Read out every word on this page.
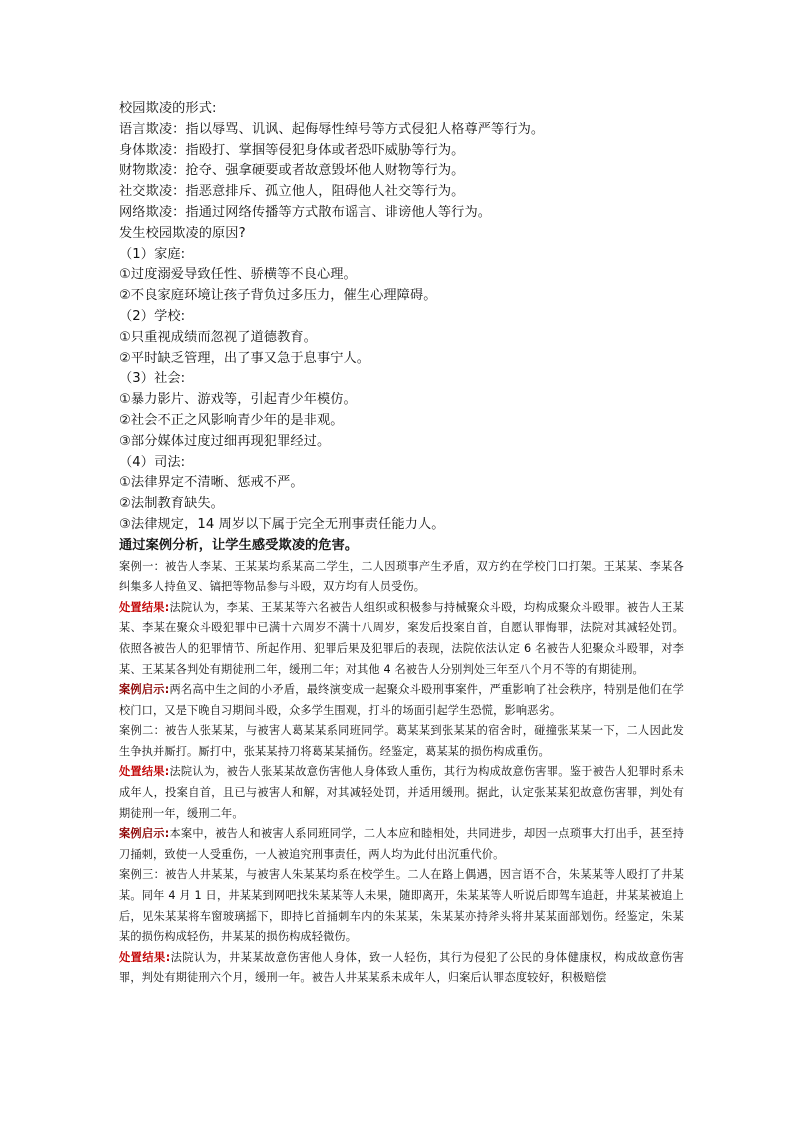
校园欺凌的形式:
语言欺凌：指以辱骂、讥讽、起侮辱性绰号等方式侵犯人格尊严等行为。
身体欺凌：指殴打、掌掴等侵犯身体或者恐吓威胁等行为。
财物欺凌：抢夺、强拿硬要或者故意毁坏他人财物等行为。
社交欺凌：指恶意排斥、孤立他人，阻碍他人社交等行为。
网络欺凌：指通过网络传播等方式散布谣言、诽谤他人等行为。
发生校园欺凌的原因?
（1）家庭:
①过度溺爱导致任性、骄横等不良心理。
②不良家庭环境让孩子背负过多压力，催生心理障碍。
（2）学校:
①只重视成绩而忽视了道德教育。
②平时缺乏管理，出了事又急于息事宁人。
（3）社会:
①暴力影片、游戏等，引起青少年模仿。
②社会不正之风影响青少年的是非观。
③部分媒体过度过细再现犯罪经过。
（4）司法:
①法律界定不清晰、惩戒不严。
②法制教育缺失。
③法律规定，14 周岁以下属于完全无刑事责任能力人。
通过案例分析，让学生感受欺凌的危害。

案例一：被告人李某、王某某均系某高二学生，二人因琐事产生矛盾，双方约在学校门口打架。王某某、李某各纠集多人持鱼叉、镐把等物品参与斗殴，双方均有人员受伤。

处置结果:法院认为，李某、王某某等六名被告人组织或积极参与持械聚众斗殴，均构成聚众斗殴罪。被告人王某某、李某在聚众斗殴犯罪中已满十六周岁不满十八周岁，案发后投案自首，自愿认罪悔罪，法院对其减轻处罚。依照各被告人的犯罪情节、所起作用、犯罪后果及犯罪后的表现，法院依法认定 6 名被告人犯聚众斗殴罪，对李某、王某某各判处有期徒刑二年，缓刑二年；对其他 4 名被告人分别判处三年至八个月不等的有期徒刑。

案例启示:两名高中生之间的小矛盾，最终演变成一起聚众斗殴刑事案件，严重影响了社会秩序，特别是他们在学校门口，又是下晚自习期间斗殴，众多学生围观，打斗的场面引起学生恐慌，影响恶劣。

案例二：被告人张某某，与被害人葛某某系同班同学。葛某某到张某某的宿舍时，碰撞张某某一下，二人因此发生争执并厮打。厮打中，张某某持刀将葛某某捅伤。经鉴定，葛某某的损伤构成重伤。

处置结果:法院认为，被告人张某某故意伤害他人身体致人重伤，其行为构成故意伤害罪。鉴于被告人犯罪时系未成年人，投案自首，且已与被害人和解，对其减轻处罚，并适用缓刑。据此，认定张某某犯故意伤害罪，判处有期徒刑一年，缓刑二年。

案例启示:本案中，被告人和被害人系同班同学，二人本应和睦相处，共同进步，却因一点琐事大打出手，甚至持刀捅刺，致使一人受重伤，一人被追究刑事责任，两人均为此付出沉重代价。

案例三：被告人井某某，与被害人朱某某均系在校学生。二人在路上偶遇，因言语不合，朱某某等人殴打了井某某。同年 4 月 1 日，井某某到网吧找朱某某等人未果，随即离开，朱某某等人听说后即驾车追赶，井某某被追上后，见朱某某将车窗玻璃摇下，即持匕首捅刺车内的朱某某，朱某某亦持斧头将井某某面部划伤。经鉴定，朱某某的损伤构成轻伤，井某某的损伤构成轻微伤。

处置结果:法院认为，井某某故意伤害他人身体，致一人轻伤，其行为侵犯了公民的身体健康权，构成故意伤害罪，判处有期徒刑六个月，缓刑一年。被告人井某某系未成年人，归案后认罪态度较好，积极赔偿
